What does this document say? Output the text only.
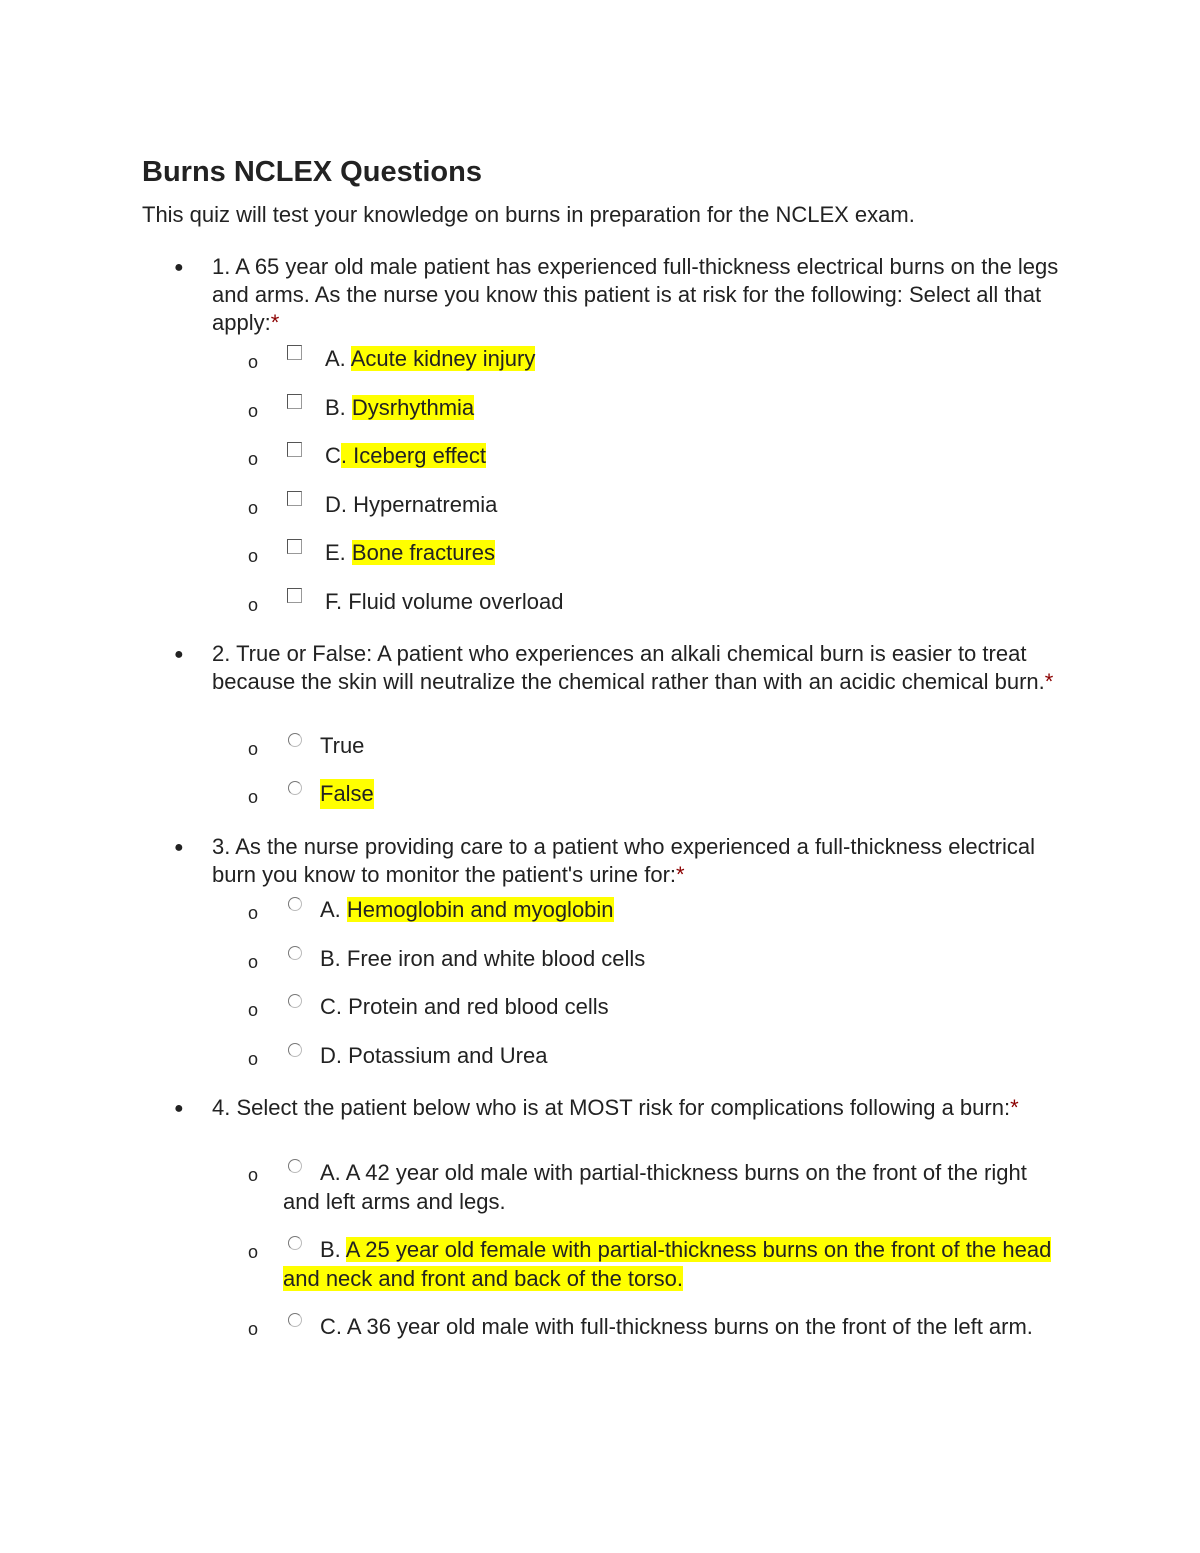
Burns NCLEX Questions

This quiz will test your knowledge on burns in preparation for the NCLEX exam.

● 1. A 65 year old male patient has experienced full-thickness electrical burns on the legs and arms. As the nurse you know this patient is at risk for the following: Select all that apply:*
o	A. Acute kidney injury
o	B. Dysrhythmia
o	C. Iceberg effect
o	D. Hypernatremia
o	E. Bone fractures
o	F. Fluid volume overload
● 2. True or False: A patient who experiences an alkali chemical burn is easier to treat because the skin will neutralize the chemical rather than with an acidic chemical burn.*
o	True
o	False
● 3. As the nurse providing care to a patient who experienced a full-thickness electrical burn you know to monitor the patient's urine for:*
o	A. Hemoglobin and myoglobin
o	B. Free iron and white blood cells
o	C. Protein and red blood cells
o	D. Potassium and Urea
● 4. Select the patient below who is at MOST risk for complications following a burn:*
o	A. A 42 year old male with partial-thickness burns on the front of the right and left arms and legs.
o	B. A 25 year old female with partial-thickness burns on the front of the head and neck and front and back of the torso.
o	C. A 36 year old male with full-thickness burns on the front of the left arm.
